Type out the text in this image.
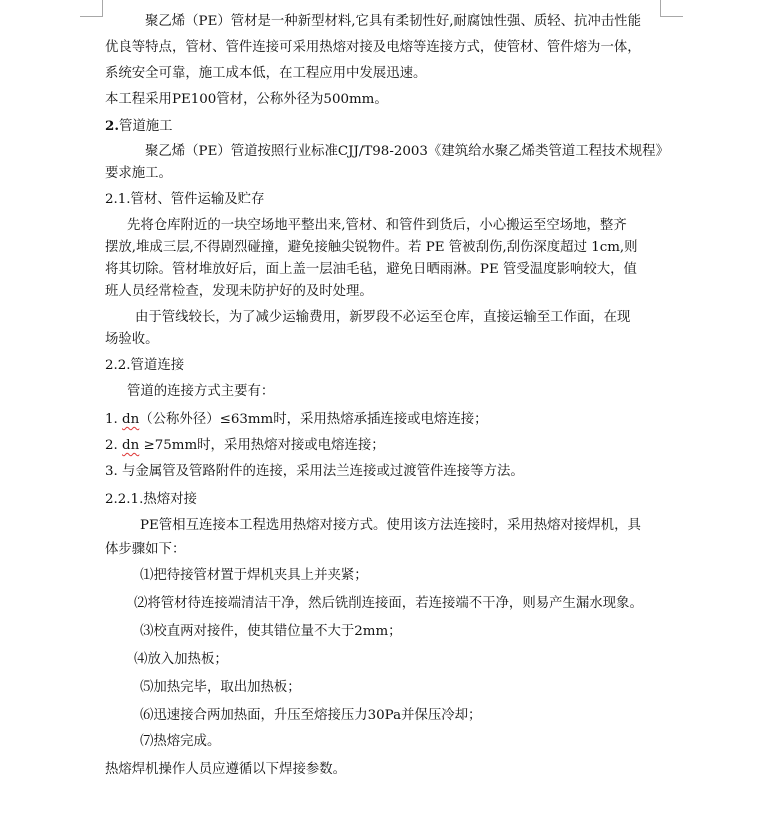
聚乙烯（PE）管材是一种新型材料,它具有柔韧性好,耐腐蚀性强、质轻、抗冲击性能
优良等特点，管材、管件连接可采用热熔对接及电熔等连接方式，使管材、管件熔为一体，
系统安全可靠，施工成本低，在工程应用中发展迅速。
本工程采用PE100管材，公称外径为500mm。
2.管道施工
聚乙烯（PE）管道按照行业标准CJJ/T98-2003《建筑给水聚乙烯类管道工程技术规程》
要求施工。
2.1.管材、管件运输及贮存
先将仓库附近的一块空场地平整出来,管材、和管件到货后，小心搬运至空场地，整齐
摆放,堆成三层,不得剧烈碰撞，避免接触尖锐物件。若 PE 管被刮伤,刮伤深度超过 1cm,则
将其切除。管材堆放好后，面上盖一层油毛毡，避免日晒雨淋。PE 管受温度影响较大，值
班人员经常检查，发现未防护好的及时处理。
由于管线较长，为了减少运输费用，新罗段不必运至仓库，直接运输至工作面，在现
场验收。
2.2.管道连接
管道的连接方式主要有：
1. dn（公称外径）≤63mm时，采用热熔承插连接或电熔连接；
2. dn ≥75mm时，采用热熔对接或电熔连接；
3. 与金属管及管路附件的连接，采用法兰连接或过渡管件连接等方法。
2.2.1.热熔对接
PE管相互连接本工程选用热熔对接方式。使用该方法连接时，采用热熔对接焊机，具
体步骤如下：
⑴把待接管材置于焊机夹具上并夹紧；
⑵将管材待连接端清洁干净，然后铣削连接面，若连接端不干净，则易产生漏水现象。
⑶校直两对接件，使其错位量不大于2mm；
⑷放入加热板；
⑸加热完毕，取出加热板；
⑹迅速接合两加热面，升压至熔接压力30Pa并保压冷却；
⑺热熔完成。
热熔焊机操作人员应遵循以下焊接参数。
